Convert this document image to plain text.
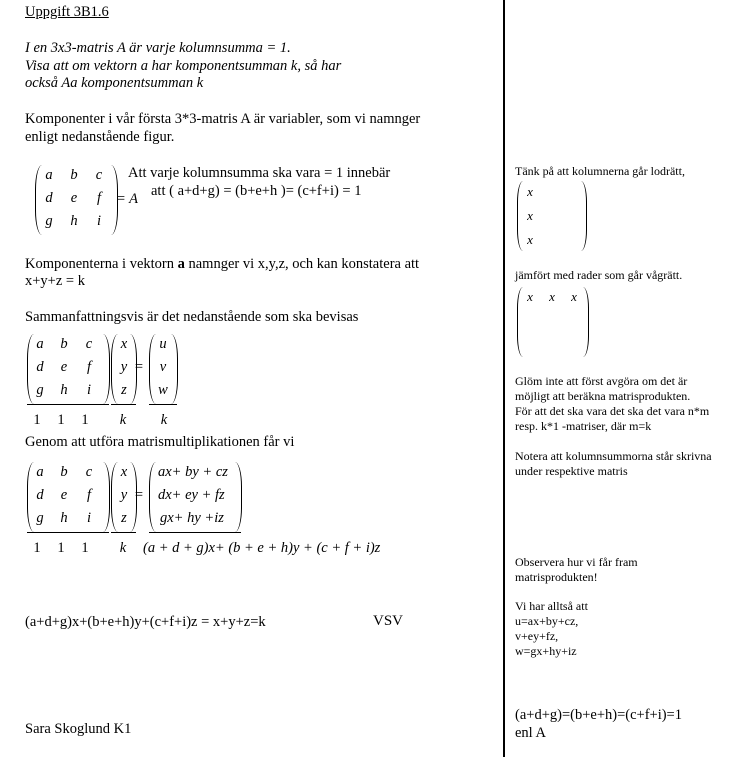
Uppgift 3B1.6
I en 3x3-matris A är varje kolumnsumma = 1.
Visa att om vektorn a har komponentsumman k, så har
också Aa komponentsumman k
Komponenter i vår första 3*3-matris A är variabler, som vi namnger
enligt nedanstående figur.
a	b	c
d	e	f
g	h	i
= A
Att varje kolumnsumma ska vara = 1 innebär
att ( a+d+g) = (b+e+h )= (c+f+i) = 1
Komponenterna i vektorn a namnger vi x,y,z, och kan konstatera att
x+y+z = k
Sammanfattningsvis är det nedanstående som ska bevisas
a	b	c
d	e	f
g	h	i
x
y
z
=
u
v
w
1	1	1	k	k
Genom att utföra matrismultiplikationen får vi
a	b	c
d	e	f
g	h	i
x
y
z
=
ax+ by + cz
dx+ ey + fz
gx+ hy +iz
1	1	1	k	(a + d + g)x+ (b + e + h)y + (c + f + i)z
(a+d+g)x+(b+e+h)y+(c+f+i)z = x+y+z=k	VSV
Sara Skoglund K1
Tänk på att kolumnerna går lodrätt,
x
x
x
jämfört med rader som går vågrätt.
x	x	x
Glöm inte att först avgöra om det är
möjligt att beräkna matrisprodukten.
För att det ska vara det ska det vara n*m
resp. k*1 -matriser, där m=k
Notera att kolumnsummorna står skrivna
under respektive matris
Observera hur vi får fram
matrisprodukten!
Vi har alltså att
u=ax+by+cz,
v+ey+fz,
w=gx+hy+iz
(a+d+g)=(b+e+h)=(c+f+i)=1
enl A
